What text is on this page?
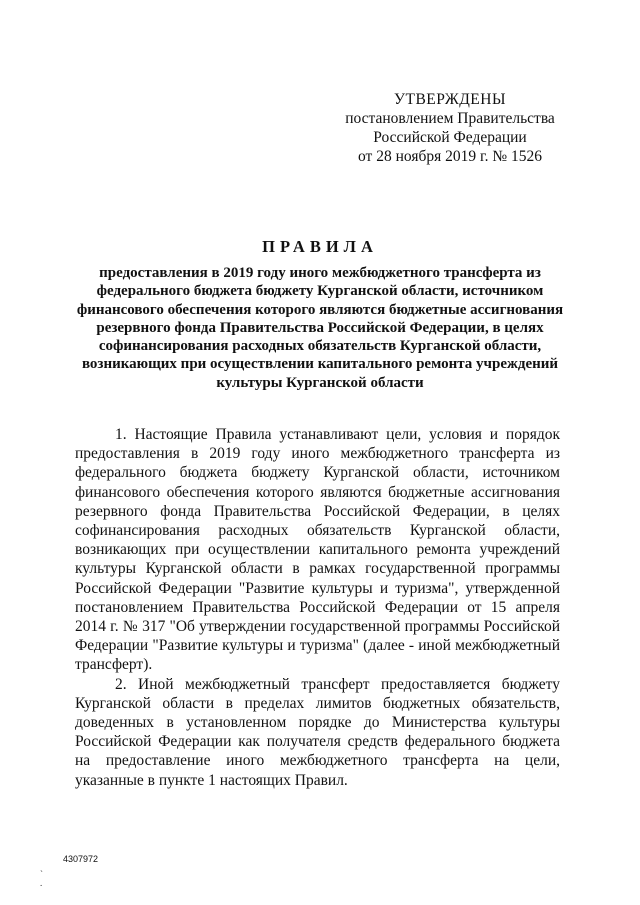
УТВЕРЖДЕНЫ
постановлением Правительства
Российской Федерации
от 28 ноября 2019 г. № 1526
ПРАВИЛА
предоставления в 2019 году иного межбюджетного трансферта из федерального бюджета бюджету Курганской области, источником финансового обеспечения которого являются бюджетные ассигнования резервного фонда Правительства Российской Федерации, в целях софинансирования расходных обязательств Курганской области, возникающих при осуществлении капитального ремонта учреждений культуры Курганской области

1. Настоящие Правила устанавливают цели, условия и порядок предоставления в 2019 году иного межбюджетного трансферта из федерального бюджета бюджету Курганской области, источником финансового обеспечения которого являются бюджетные ассигнования резервного фонда Правительства Российской Федерации, в целях софинансирования расходных обязательств Курганской области, возникающих при осуществлении капитального ремонта учреждений культуры Курганской области в рамках государственной программы Российской Федерации "Развитие культуры и туризма", утвержденной постановлением Правительства Российской Федерации от 15 апреля 2014 г. № 317 "Об утверждении государственной программы Российской Федерации "Развитие культуры и туризма" (далее - иной межбюджетный трансферт).

2. Иной межбюджетный трансферт предоставляется бюджету Курганской области в пределах лимитов бюджетных обязательств, доведенных в установленном порядке до Министерства культуры Российской Федерации как получателя средств федерального бюджета на предоставление иного межбюджетного трансферта на цели, указанные в пункте 1 настоящих Правил.

4307972
`
.
